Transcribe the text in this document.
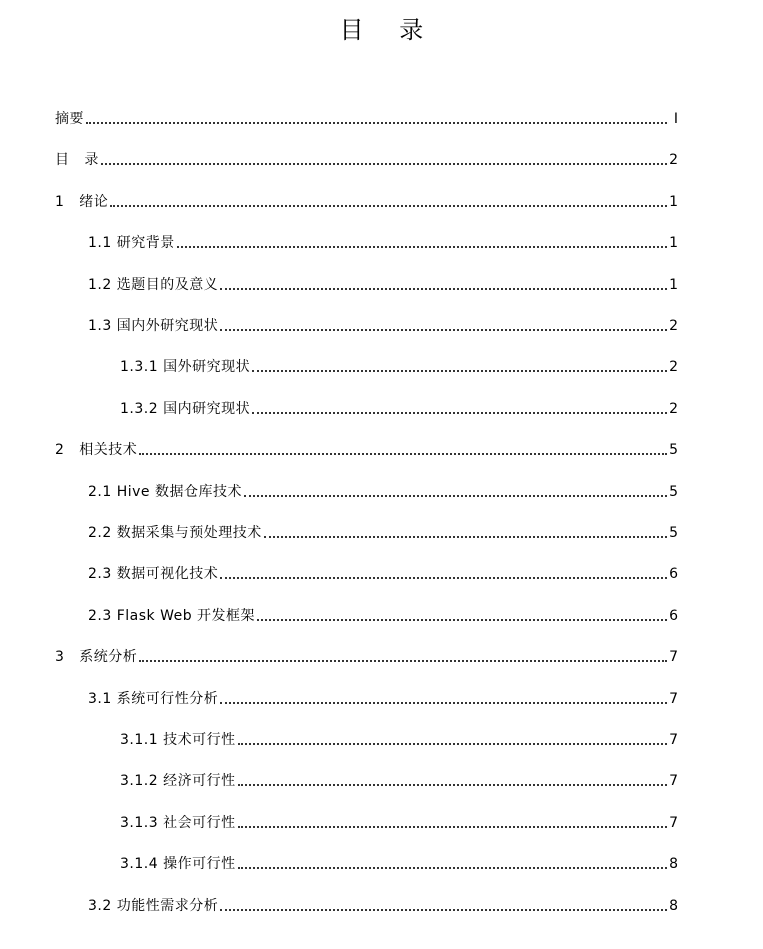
目 录
摘要	I
目   录	2
1   绪论	1
1.1 研究背景	1
1.2 选题目的及意义	1
1.3 国内外研究现状	2
1.3.1 国外研究现状	2
1.3.2 国内研究现状	2
2   相关技术	5
2.1 Hive 数据仓库技术	5
2.2 数据采集与预处理技术	5
2.3 数据可视化技术	6
2.3 Flask Web 开发框架	6
3   系统分析	7
3.1 系统可行性分析	7
3.1.1 技术可行性	7
3.1.2 经济可行性	7
3.1.3 社会可行性	7
3.1.4 操作可行性	8
3.2 功能性需求分析	8
